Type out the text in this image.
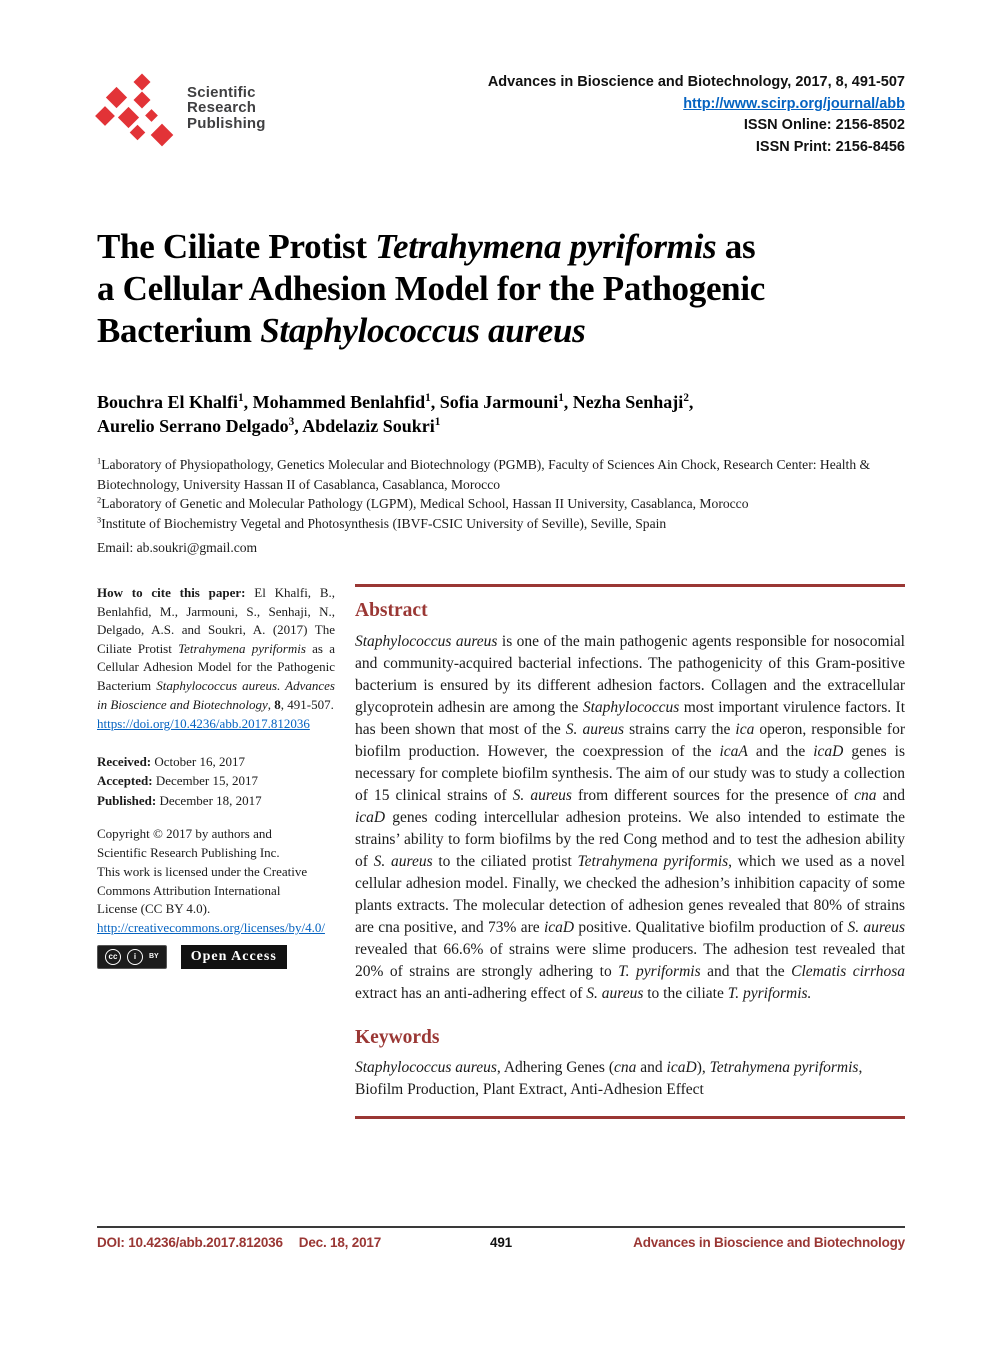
Scientific
Research
Publishing
Advances in Bioscience and Biotechnology, 2017, 8, 491-507
http://www.scirp.org/journal/abb
ISSN Online: 2156-8502
ISSN Print: 2156-8456
The Ciliate Protist Tetrahymena pyriformis as
a Cellular Adhesion Model for the Pathogenic
Bacterium Staphylococcus aureus
Bouchra El Khalfi$^1$, Mohammed Benlahfid$^1$, Sofia Jarmouni$^1$, Nezha Senhaji$^2$,
Aurelio Serrano Delgado$^3$, Abdelaziz Soukri$^1$
$^1$Laboratory of Physiopathology, Genetics Molecular and Biotechnology (PGMB), Faculty of Sciences Ain Chock, Research Center: Health & Biotechnology, University Hassan II of Casablanca, Casablanca, Morocco
$^2$Laboratory of Genetic and Molecular Pathology (LGPM), Medical School, Hassan II University, Casablanca, Morocco
$^3$Institute of Biochemistry Vegetal and Photosynthesis (IBVF-CSIC University of Seville), Seville, Spain
Email: ab.soukri@gmail.com
How to cite this paper: El Khalfi, B., Benlahfid, M., Jarmouni, S., Senhaji, N., Delgado, A.S. and Soukri, A. (2017) The Ciliate Protist Tetrahymena pyriformis as a Cellular Adhesion Model for the Pathogenic Bacterium Staphylococcus aureus. Advances in Bioscience and Biotechnology, 8, 491-507.
https://doi.org/10.4236/abb.2017.812036
Received: October 16, 2017
Accepted: December 15, 2017
Published: December 18, 2017
Copyright © 2017 by authors and
Scientific Research Publishing Inc.
This work is licensed under the Creative
Commons Attribution International
License (CC BY 4.0).
http://creativecommons.org/licenses/by/4.0/
cc	i	BY	Open Access
Abstract
Staphylococcus aureus is one of the main pathogenic agents responsible for nosocomial and community-acquired bacterial infections. The pathogenicity of this Gram-positive bacterium is ensured by its different adhesion factors. Collagen and the extracellular glycoprotein adhesin are among the Staphylococcus most important virulence factors. It has been shown that most of the S. aureus strains carry the ica operon, responsible for biofilm production. However, the coexpression of the icaA and the icaD genes is necessary for complete biofilm synthesis. The aim of our study was to study a collection of 15 clinical strains of S. aureus from different sources for the presence of cna and icaD genes coding intercellular adhesion proteins. We also intended to estimate the strains’ ability to form biofilms by the red Cong method and to test the adhesion ability of S. aureus to the ciliated protist Tetrahymena pyriformis, which we used as a novel cellular adhesion model. Finally, we checked the adhesion’s inhibition capacity of some plants extracts. The molecular detection of adhesion genes revealed that 80% of strains are cna positive, and 73% are icaD positive. Qualitative biofilm production of S. aureus revealed that 66.6% of strains were slime producers. The adhesion test revealed that 20% of strains are strongly adhering to T. pyriformis and that the Clematis cirrhosa extract has an anti-adhering effect of S. aureus to the ciliate T. pyriformis.
Keywords
Staphylococcus aureus, Adhering Genes (cna and icaD), Tetrahymena pyriformis, Biofilm Production, Plant Extract, Anti-Adhesion Effect
491
DOI: 10.4236/abb.2017.812036 Dec. 18, 2017	Advances in Bioscience and Biotechnology
